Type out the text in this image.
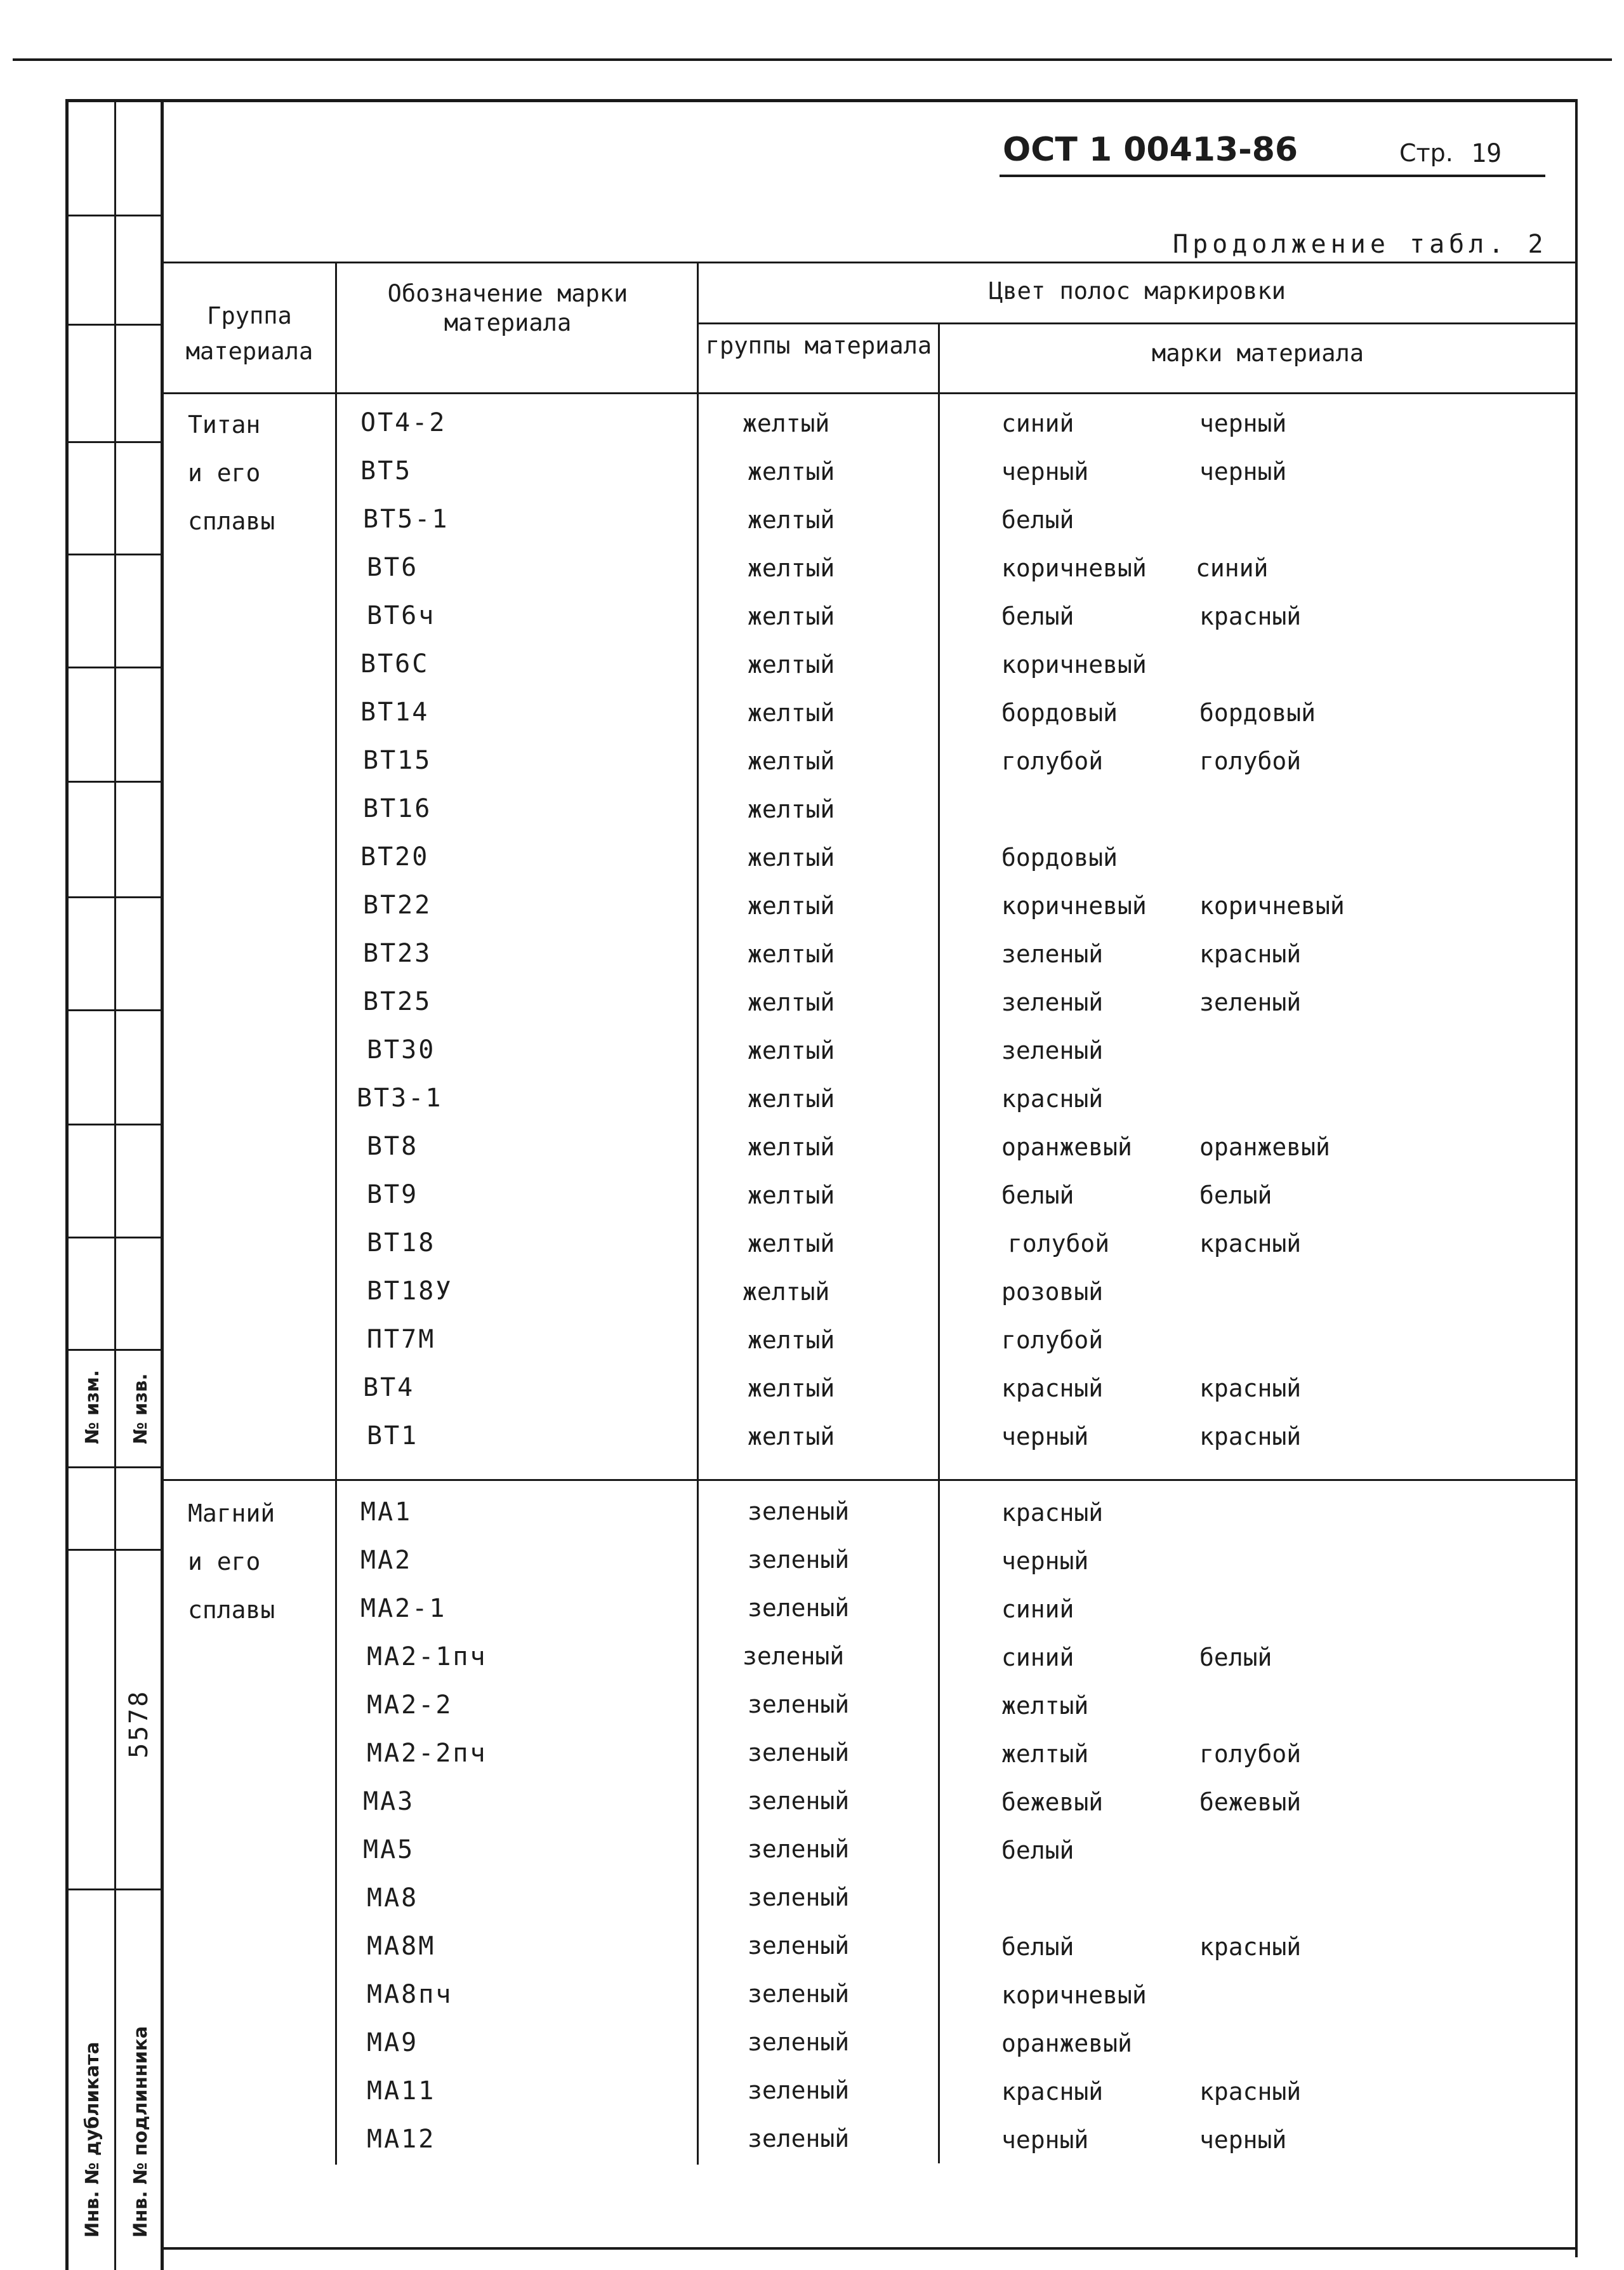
№ изм. № изв.
5578
Инв. № дубликата Инв. № подлинника
ОСТ 1 00413-86	Стр. 19
Продолжение табл. 2
Группа материала
Обозначение марки материала
Цвет полос маркировки
группы материала	марки материала
Титан
и его
сплавы
ОТ4-2	желтый	синий	черный
ВТ5	желтый	черный	черный
ВТ5-1	желтый	белый
ВТ6	желтый	коричневый синий
ВТ6ч	желтый	белый	красный
ВТ6С	желтый	коричневый
ВТ14	желтый	бордовый	бордовый
ВТ15	желтый	голубой	голубой
ВТ16	желтый
ВТ20	желтый	бордовый
ВТ22	желтый	коричневый коричневый
ВТ23	желтый	зеленый	красный
ВТ25	желтый	зеленый	зеленый
ВТ30	желтый	зеленый
ВТ3-1	желтый	красный
ВТ8	желтый	оранжевый	оранжевый
ВТ9	желтый	белый	белый
ВТ18	желтый	голубой	красный
ВТ18У	желтый	розовый
ПТ7М	желтый	голубой
ВТ4	желтый	красный	красный
ВТ1	желтый	черный	красный
Магний
и его
сплавы
МА1	зеленый	красный
МА2	зеленый	черный
МА2-1	зеленый	синий
МА2-1пч	зеленый	синий	белый
МА2-2	зеленый	желтый
МА2-2пч	зеленый	желтый	голубой
МА3	зеленый	бежевый	бежевый
МА5	зеленый	белый
МА8	зеленый
МА8М	зеленый	белый	красный
МА8пч	зеленый	коричневый
МА9	зеленый	оранжевый
МА11	зеленый	красный	красный
МА12	зеленый	черный	черный
